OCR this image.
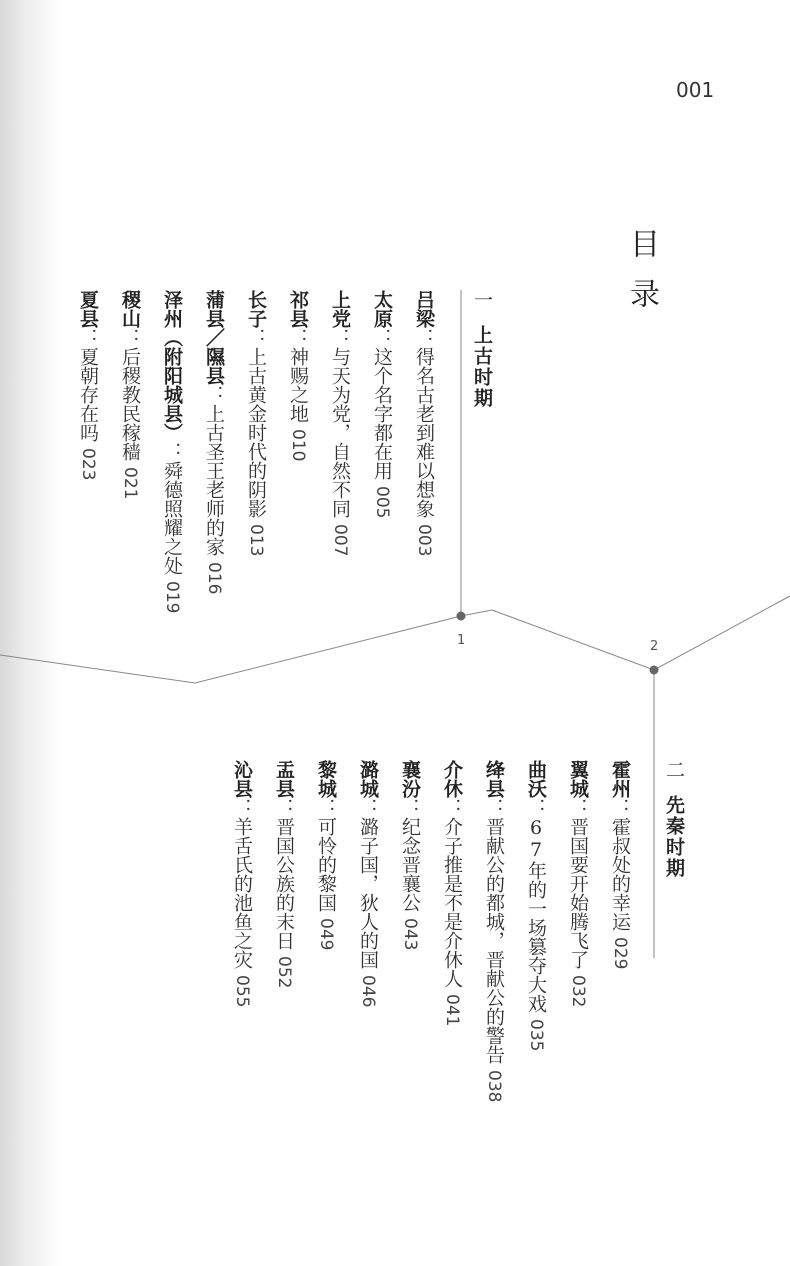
001
目录
1	2
一上古时期
二先秦时期
吕梁：得名古老到难以想象003
太原：这个名字都在用005
上党：与天为党，自然不同007
祁县：神赐之地010
长子：上古黄金时代的阴影013
蒲县／隰县：上古圣王老师的家016
泽州（附阳城县）：舜德照耀之处019
稷山：后稷教民稼穑021
夏县：夏朝存在吗023
霍州：霍叔处的幸运029
翼城：晋国要开始腾飞了032
曲沃：67年的一场篡夺大戏035
绛县：晋献公的都城，晋献公的警告038
介休：介子推是不是介休人041
襄汾：纪念晋襄公043
潞城：潞子国，狄人的国046
黎城：可怜的黎国049
盂县：晋国公族的末日052
沁县：羊舌氏的池鱼之灾055
